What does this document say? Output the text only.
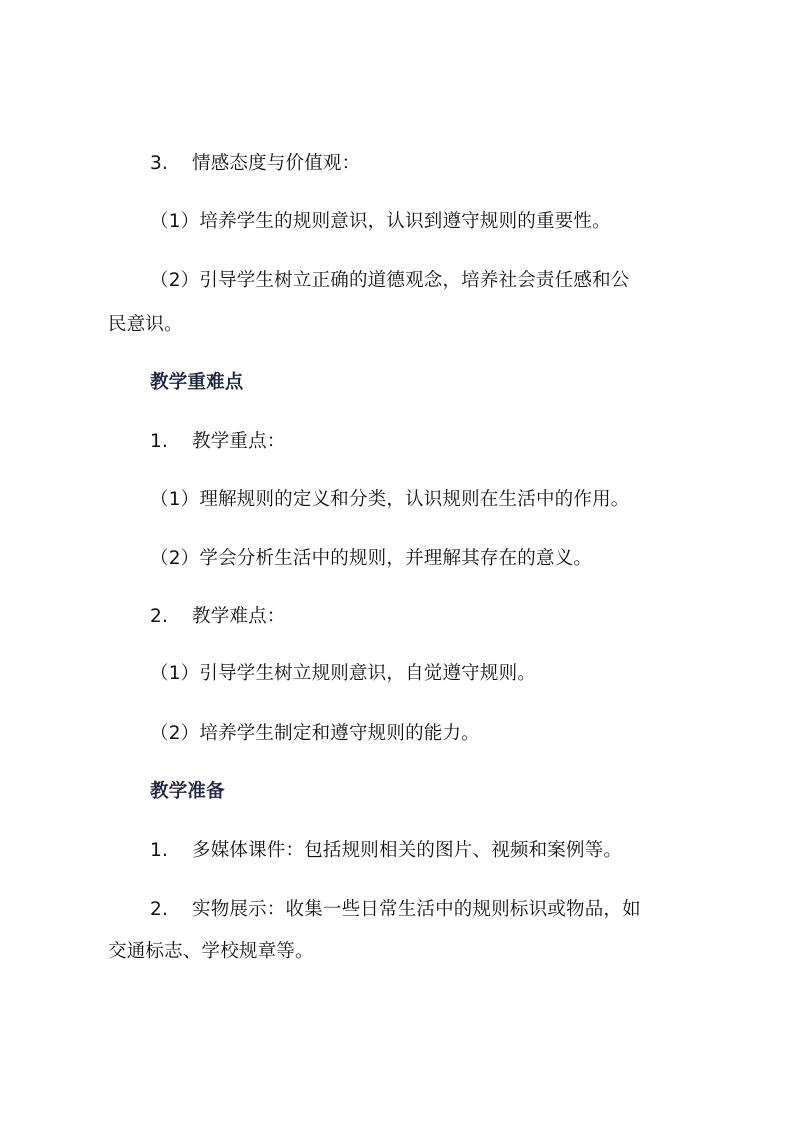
3. 情感态度与价值观：
（1）培养学生的规则意识，认识到遵守规则的重要性。
（2）引导学生树立正确的道德观念，培养社会责任感和公
民意识。
教学重难点
1. 教学重点：
（1）理解规则的定义和分类，认识规则在生活中的作用。
（2）学会分析生活中的规则，并理解其存在的意义。
2. 教学难点：
（1）引导学生树立规则意识，自觉遵守规则。
（2）培养学生制定和遵守规则的能力。
教学准备
1. 多媒体课件：包括规则相关的图片、视频和案例等。
2. 实物展示：收集一些日常生活中的规则标识或物品，如
交通标志、学校规章等。
